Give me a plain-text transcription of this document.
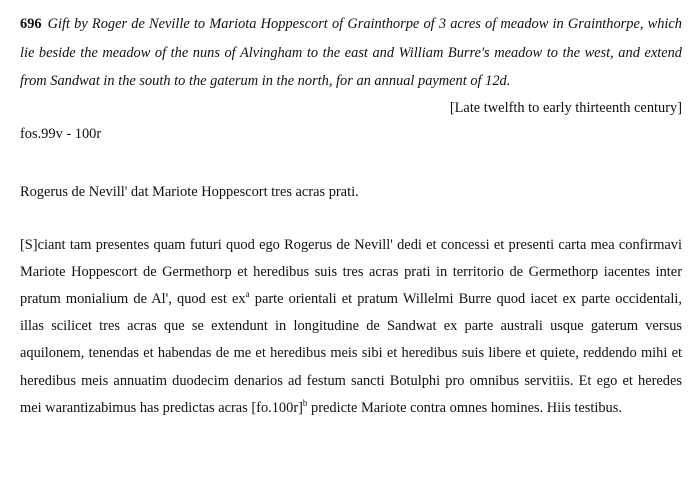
696 Gift by Roger de Neville to Mariota Hoppescort of Grainthorpe of 3 acres of meadow in Grainthorpe, which lie beside the meadow of the nuns of Alvingham to the east and William Burre's meadow to the west, and extend from Sandwat in the south to the gaterum in the north, for an annual payment of 12d.

[Late twelfth to early thirteenth century]

fos.99v - 100r

Rogerus de Nevill' dat Mariote Hoppescort tres acras prati.

[S]ciant tam presentes quam futuri quod ego Rogerus de Nevill' dedi et concessi et presenti carta mea confirmavi Mariote Hoppescort de Germethorp et heredibus suis tres acras prati in territorio de Germethorp iacentes inter pratum monialium de Al', quod est $ex^a$ parte orientali et pratum Willelmi Burre quod iacet ex parte occidentali, illas scilicet tres acras que se extendunt in longitudine de Sandwat ex parte australi usque gaterum versus aquilonem, tenendas et habendas de me et heredibus meis sibi et heredibus suis libere et quiete, reddendo mihi et heredibus meis annuatim duodecim denarios ad festum sancti Botulphi pro omnibus servitiis. Et ego et heredes mei warantizabimus has predictas acras $[fo.100r]^b$ predicte Mariote contra omnes homines. Hiis testibus.
